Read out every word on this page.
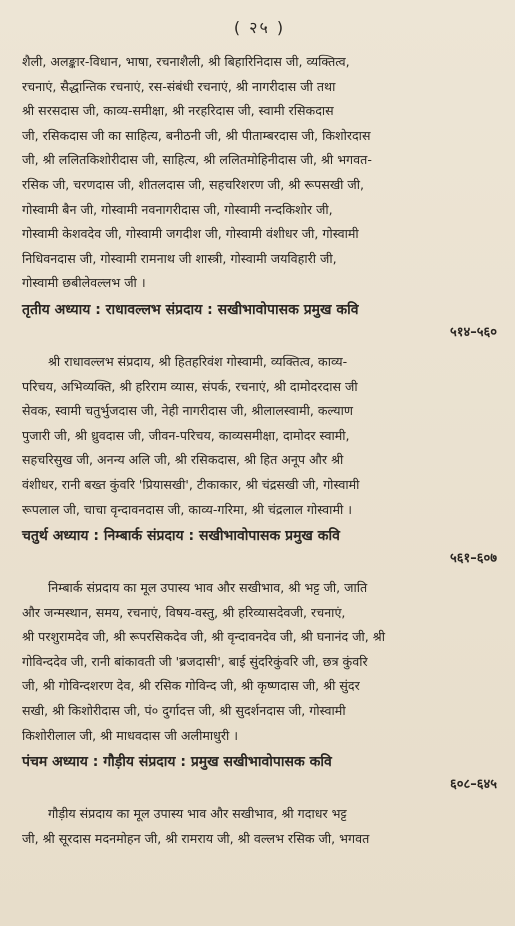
( २५ )
शैली, अलङ्कार-विधान, भाषा, रचनाशैली, श्री बिहारिनिदास जी, व्यक्तित्व,
रचनाएं, सैद्धान्तिक रचनाएं, रस-संबंधी रचनाएं, श्री नागरीदास जी तथा
श्री सरसदास जी, काव्य-समीक्षा, श्री नरहरिदास जी, स्वामी रसिकदास
जी, रसिकदास जी का साहित्य, बनीठनी जी, श्री पीताम्बरदास जी, किशोरदास
जी, श्री ललितकिशोरीदास जी, साहित्य, श्री ललितमोहिनीदास जी, श्री भगवत-
रसिक जी, चरणदास जी, शीतलदास जी, सहचरिशरण जी, श्री रूपसखी जी,
गोस्वामी बैन जी, गोस्वामी नवनागरीदास जी, गोस्वामी नन्दकिशोर जी,
गोस्वामी केशवदेव जी, गोस्वामी जगदीश जी, गोस्वामी वंशीधर जी, गोस्वामी
निधिवनदास जी, गोस्वामी रामनाथ जी शास्त्री, गोस्वामी जयविहारी जी,
गोस्वामी छबीलेवल्लभ जी ।
तृतीय अध्याय : राधावल्लभ संप्रदाय : सखीभावोपासक प्रमुख कवि
५१४–५६०
श्री राधावल्लभ संप्रदाय, श्री हितहरिवंश गोस्वामी, व्यक्तित्व, काव्य-
परिचय, अभिव्यक्ति, श्री हरिराम व्यास, संपर्क, रचनाएं, श्री दामोदरदास जी
सेवक, स्वामी चतुर्भुजदास जी, नेही नागरीदास जी, श्रीलालस्वामी, कल्याण
पुजारी जी, श्री ध्रुवदास जी, जीवन-परिचय, काव्यसमीक्षा, दामोदर स्वामी,
सहचरिसुख जी, अनन्य अलि जी, श्री रसिकदास, श्री हित अनूप और श्री
वंशीधर, रानी बख्त कुंवरि 'प्रियासखी', टीकाकार, श्री चंद्रसखी जी, गोस्वामी
रूपलाल जी, चाचा वृन्दावनदास जी, काव्य-गरिमा, श्री चंद्रलाल गोस्वामी ।
चतुर्थ अध्याय : निम्बार्क संप्रदाय : सखीभावोपासक प्रमुख कवि
५६१–६०७
निम्बार्क संप्रदाय का मूल उपास्य भाव और सखीभाव, श्री भट्ट जी, जाति
और जन्मस्थान, समय, रचनाएं, विषय-वस्तु, श्री हरिव्यासदेवजी, रचनाएं,
श्री परशुरामदेव जी, श्री रूपरसिकदेव जी, श्री वृन्दावनदेव जी, श्री घनानंद जी, श्री
गोविन्ददेव जी, रानी बांकावती जी 'ब्रजदासी', बाई सुंदरिकुंवरि जी, छत्र कुंवरि
जी, श्री गोविन्दशरण देव, श्री रसिक गोविन्द जी, श्री कृष्णदास जी, श्री सुंदर
सखी, श्री किशोरीदास जी, पं० दुर्गादत्त जी, श्री सुदर्शनदास जी, गोस्वामी
किशोरीलाल जी, श्री माधवदास जी अलीमाधुरी ।
पंचम अध्याय : गौड़ीय संप्रदाय : प्रमुख सखीभावोपासक कवि
६०८–६४५
गौड़ीय संप्रदाय का मूल उपास्य भाव और सखीभाव, श्री गदाधर भट्ट
जी, श्री सूरदास मदनमोहन जी, श्री रामराय जी, श्री वल्लभ रसिक जी, भगवत
